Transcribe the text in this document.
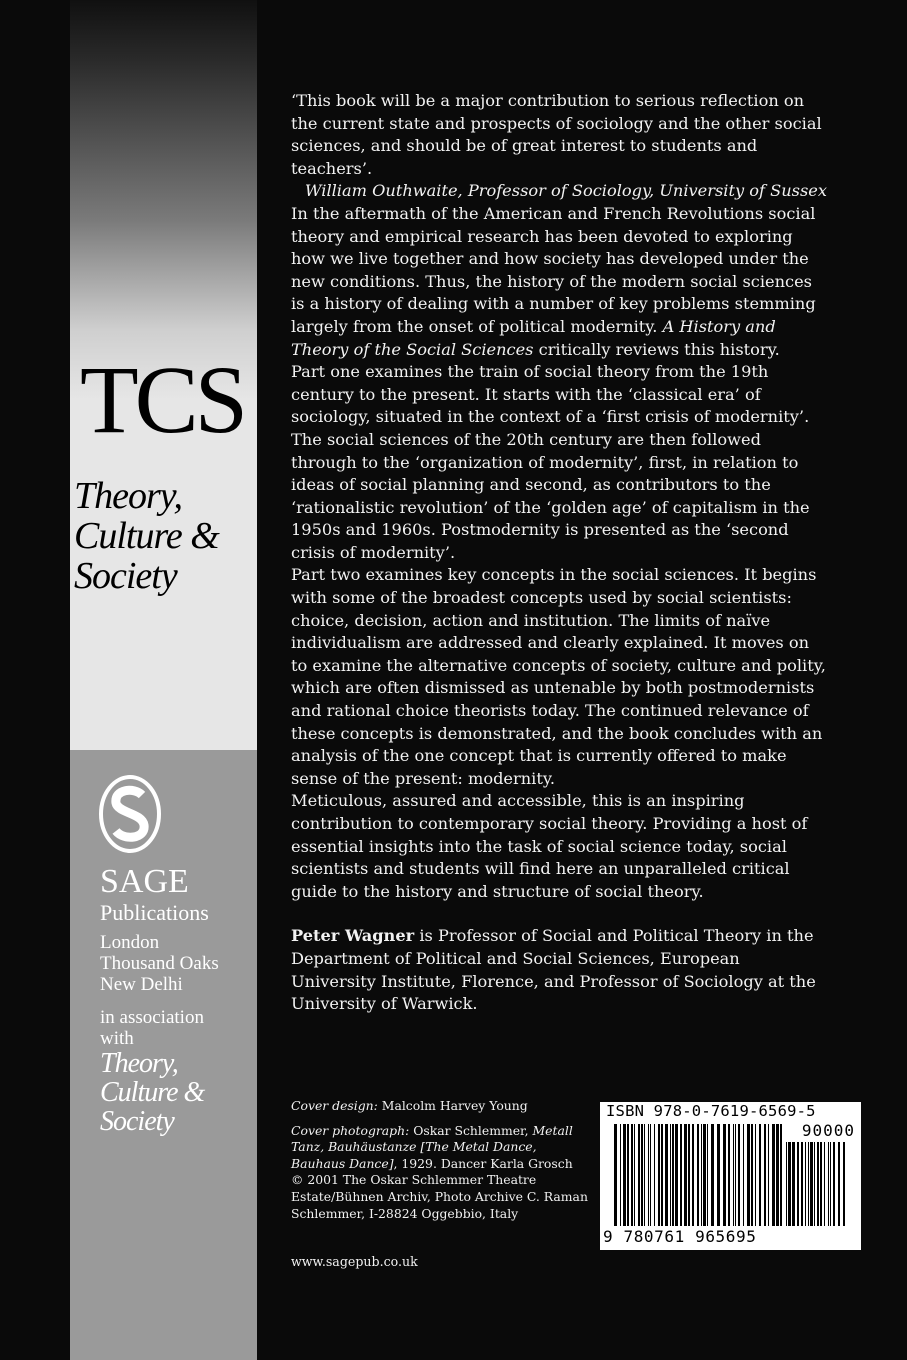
TCS
Theory,
Culture &
Society
SAGE
Publications
London
Thousand Oaks
New Delhi
in association
with
Theory,
Culture &
Society

‘This book will be a major contribution to serious reflection on the current state and prospects of sociology and the other social sciences, and should be of great interest to students and teachers’.

William Outhwaite, Professor of Sociology, University of Sussex

In the aftermath of the American and French Revolutions social theory and empirical research has been devoted to exploring how we live together and how society has developed under the new conditions. Thus, the history of the modern social sciences is a history of dealing with a number of key problems stemming largely from the onset of political modernity. A History and Theory of the Social Sciences critically reviews this history.

Part one examines the train of social theory from the 19th century to the present. It starts with the ‘classical era’ of sociology, situated in the context of a ‘first crisis of modernity’. The social sciences of the 20th century are then followed through to the ‘organization of modernity’, first, in relation to ideas of social planning and second, as contributors to the ‘rationalistic revolution’ of the ‘golden age’ of capitalism in the 1950s and 1960s. Postmodernity is presented as the ‘second crisis of modernity’.

Part two examines key concepts in the social sciences. It begins with some of the broadest concepts used by social scientists: choice, decision, action and institution. The limits of naïve individualism are addressed and clearly explained. It moves on to examine the alternative concepts of society, culture and polity, which are often dismissed as untenable by both postmodernists and rational choice theorists today. The continued relevance of these concepts is demonstrated, and the book concludes with an analysis of the one concept that is currently offered to make sense of the present: modernity.

Meticulous, assured and accessible, this is an inspiring contribution to contemporary social theory. Providing a host of essential insights into the task of social science today, social scientists and students will find here an unparalleled critical guide to the history and structure of social theory.

Peter Wagner is Professor of Social and Political Theory in the Department of Political and Social Sciences, European University Institute, Florence, and Professor of Sociology at the University of Warwick.

Cover design: Malcolm Harvey Young

Cover photograph: Oskar Schlemmer, Metall Tanz, Bauhäustanze [The Metal Dance, Bauhaus Dance], 1929. Dancer Karla Grosch
© 2001 The Oskar Schlemmer Theatre Estate/Bühnen Archiv, Photo Archive C. Raman Schlemmer, I-28824 Oggebbio, Italy

www.sagepub.co.uk
ISBN 978-0-7619-6569-5
90000
9 780761 965695
